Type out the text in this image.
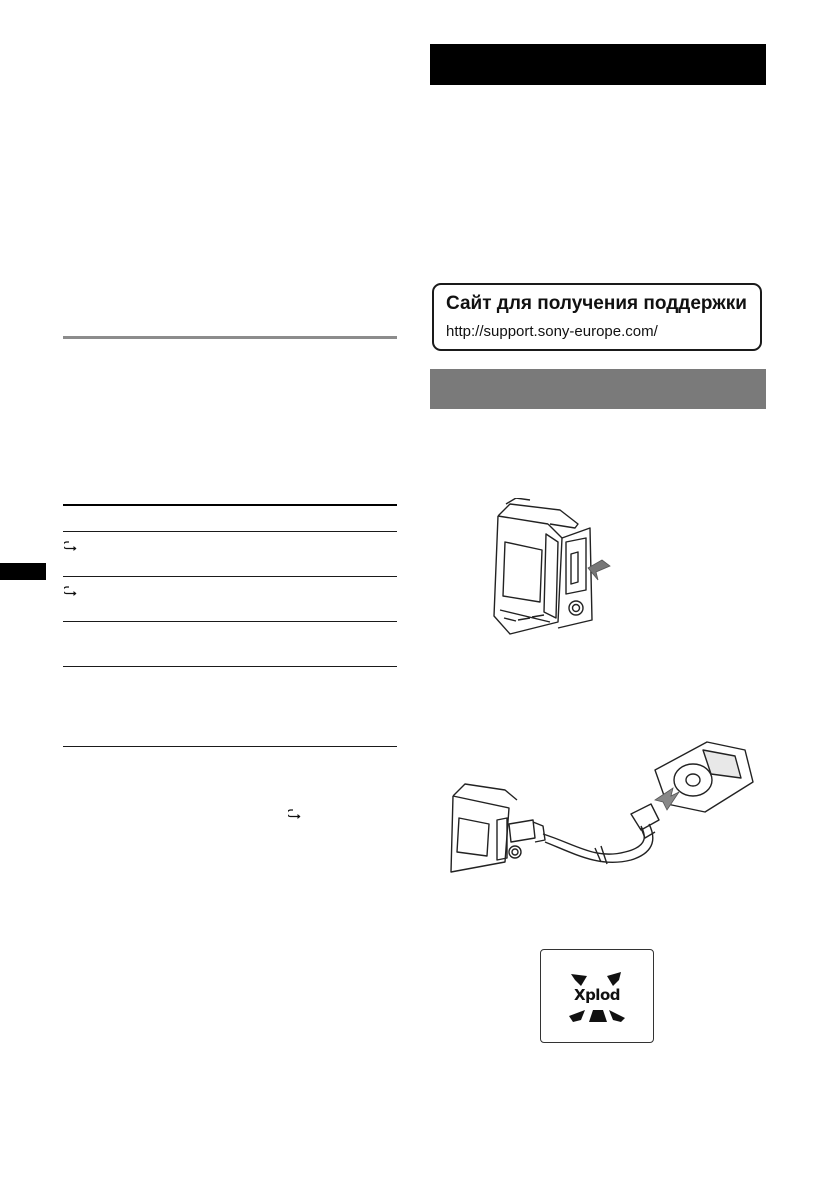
Сайт для получения поддержки
http://support.sony-europe.com/
Xplod
